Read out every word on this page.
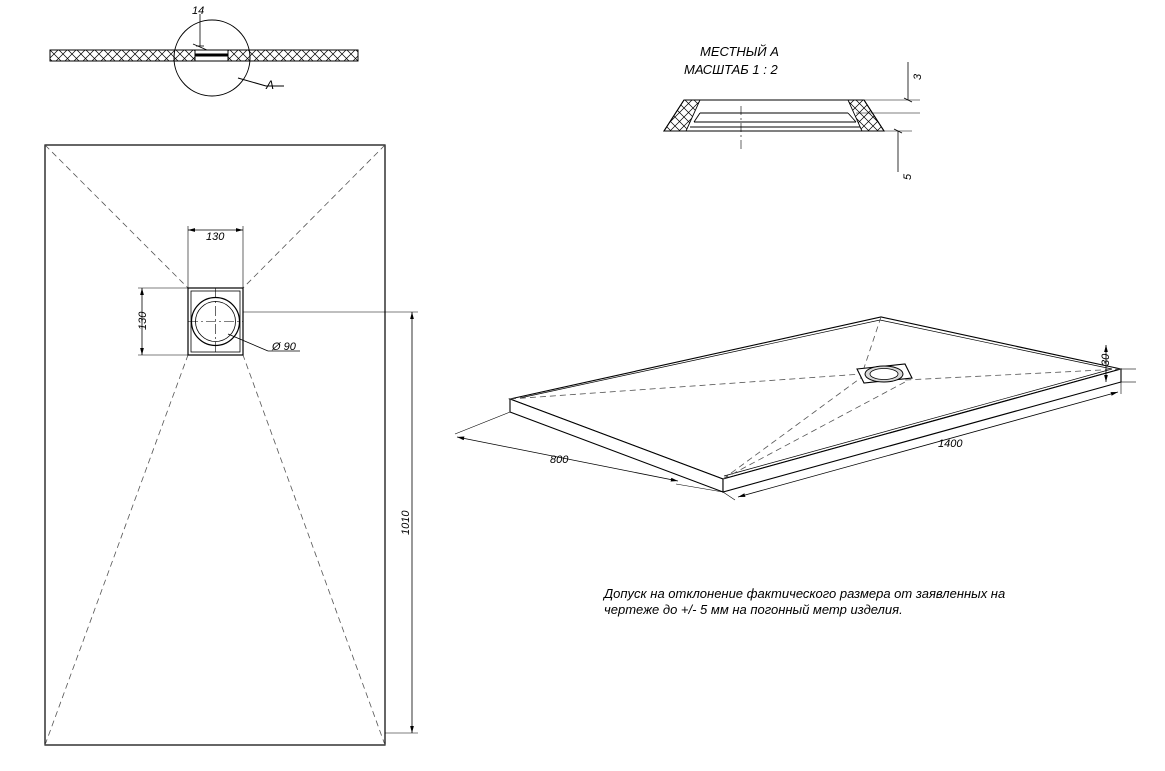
14
А
МЕСТНЫЙ А
МАСШТАБ 1 : 2	3
5
130
130
Ø 90
1010
1400
800
30
Допуск на отклонение фактического размера от заявленных на
чертеже до +/- 5 мм на погонный метр изделия.
